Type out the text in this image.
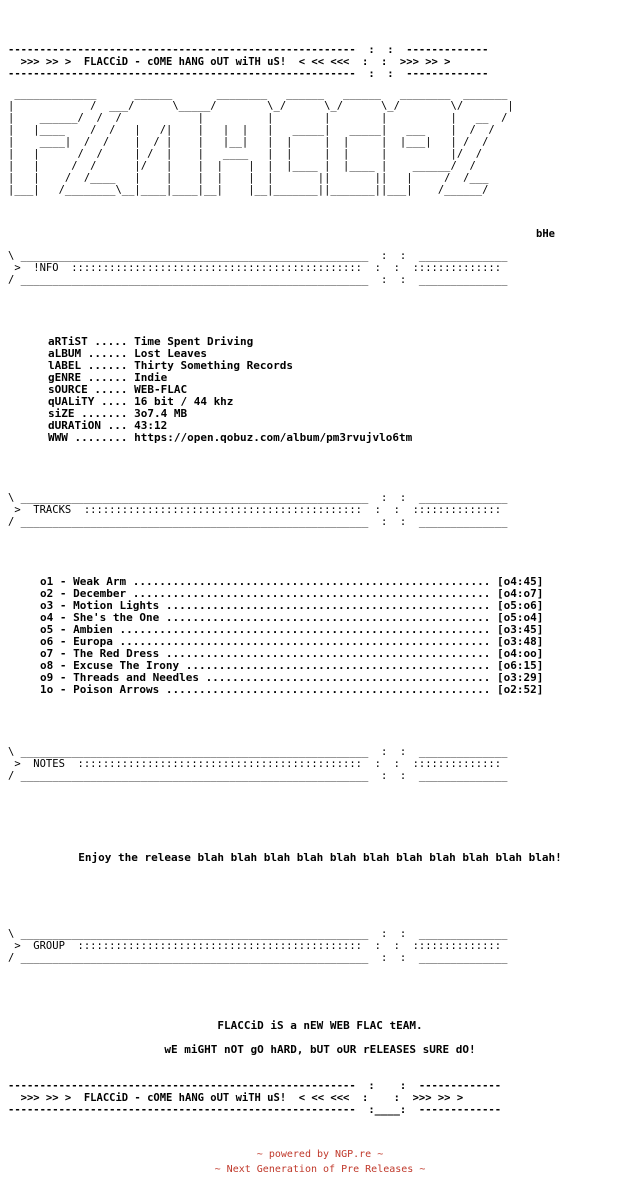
-------------------------------------------------------  :  :  -------------
>>> >> >  FLACCiD - cOME hANG oUT wiTH uS!  < << <<<  :  :  >>> >> >
-------------------------------------------------------  :  :  -------------
_____________      ______       ________   ______   ______   ________  _______
|            /  ___/      \_____/        \_/      \_/      \_/        \/       |
|    ______/  /  /            |          |        |        |          |   __  /
|   |____    /  /   |   /|    |   |  |   |   _____|   _____|   ___    |  /  /
|    ____|  /  /    |  / |    |   |__|   |  |     |  |     |  |___|   | /  /
|   |      /  /     | /  |    |   ____   |  |     |  |     |          |/  /
|   |     /  /      |/   |    |  |    |  |  |____ |  |____ |    ______/  /
|   |    /  /____   |    |    |  |    |  |       ||       ||   |     /  /___
|___|   /________\__|____|____|__|    |__|_______||_______||___|    /______/
bHe
\ _______________________________________________________  :  :  ______________
>  !NFO  ::::::::::::::::::::::::::::::::::::::::::::::  :  :  ::::::::::::::
/ _______________________________________________________  :  :  ______________
aRTiST ..... Time Spent Driving
aLBUM ...... Lost Leaves
lABEL ...... Thirty Something Records
gENRE ...... Indie
sOURCE ..... WEB-FLAC
qUALiTY .... 16 bit / 44 khz
siZE ....... 3o7.4 MB
dURATiON ... 43:12
WWW ........ https://open.qobuz.com/album/pm3rvujvlo6tm
\ _______________________________________________________  :  :  ______________
>  TRACKS  ::::::::::::::::::::::::::::::::::::::::::::  :  :  ::::::::::::::
/ _______________________________________________________  :  :  ______________
o1 - Weak Arm ...................................................... [o4:45]
o2 - December ...................................................... [o4:o7]
o3 - Motion Lights ................................................. [o5:o6]
o4 - She's the One ................................................. [o5:o4]
o5 - Ambien ........................................................ [o3:45]
o6 - Europa ........................................................ [o3:48]
o7 - The Red Dress ................................................. [o4:oo]
o8 - Excuse The Irony .............................................. [o6:15]
o9 - Threads and Needles ........................................... [o3:29]
1o - Poison Arrows ................................................. [o2:52]
\ _______________________________________________________  :  :  ______________
>  NOTES  :::::::::::::::::::::::::::::::::::::::::::::  :  :  ::::::::::::::
/ _______________________________________________________  :  :  ______________
Enjoy the release blah blah blah blah blah blah blah blah blah blah blah!
\ _______________________________________________________  :  :  ______________
>  GROUP  :::::::::::::::::::::::::::::::::::::::::::::  :  :  ::::::::::::::
/ _______________________________________________________  :  :  ______________
FLACCiD iS a nEW WEB FLAC tEAM.
wE miGHT nOT gO hARD, bUT oUR rELEASES sURE dO!
-------------------------------------------------------  :    :  -------------
>>> >> >  FLACCiD - cOME hANG oUT wiTH uS!  < << <<<  :    :  >>> >> >
-------------------------------------------------------  :____:  -------------
~ powered by NGP.re ~
~ Next Generation of Pre Releases ~
